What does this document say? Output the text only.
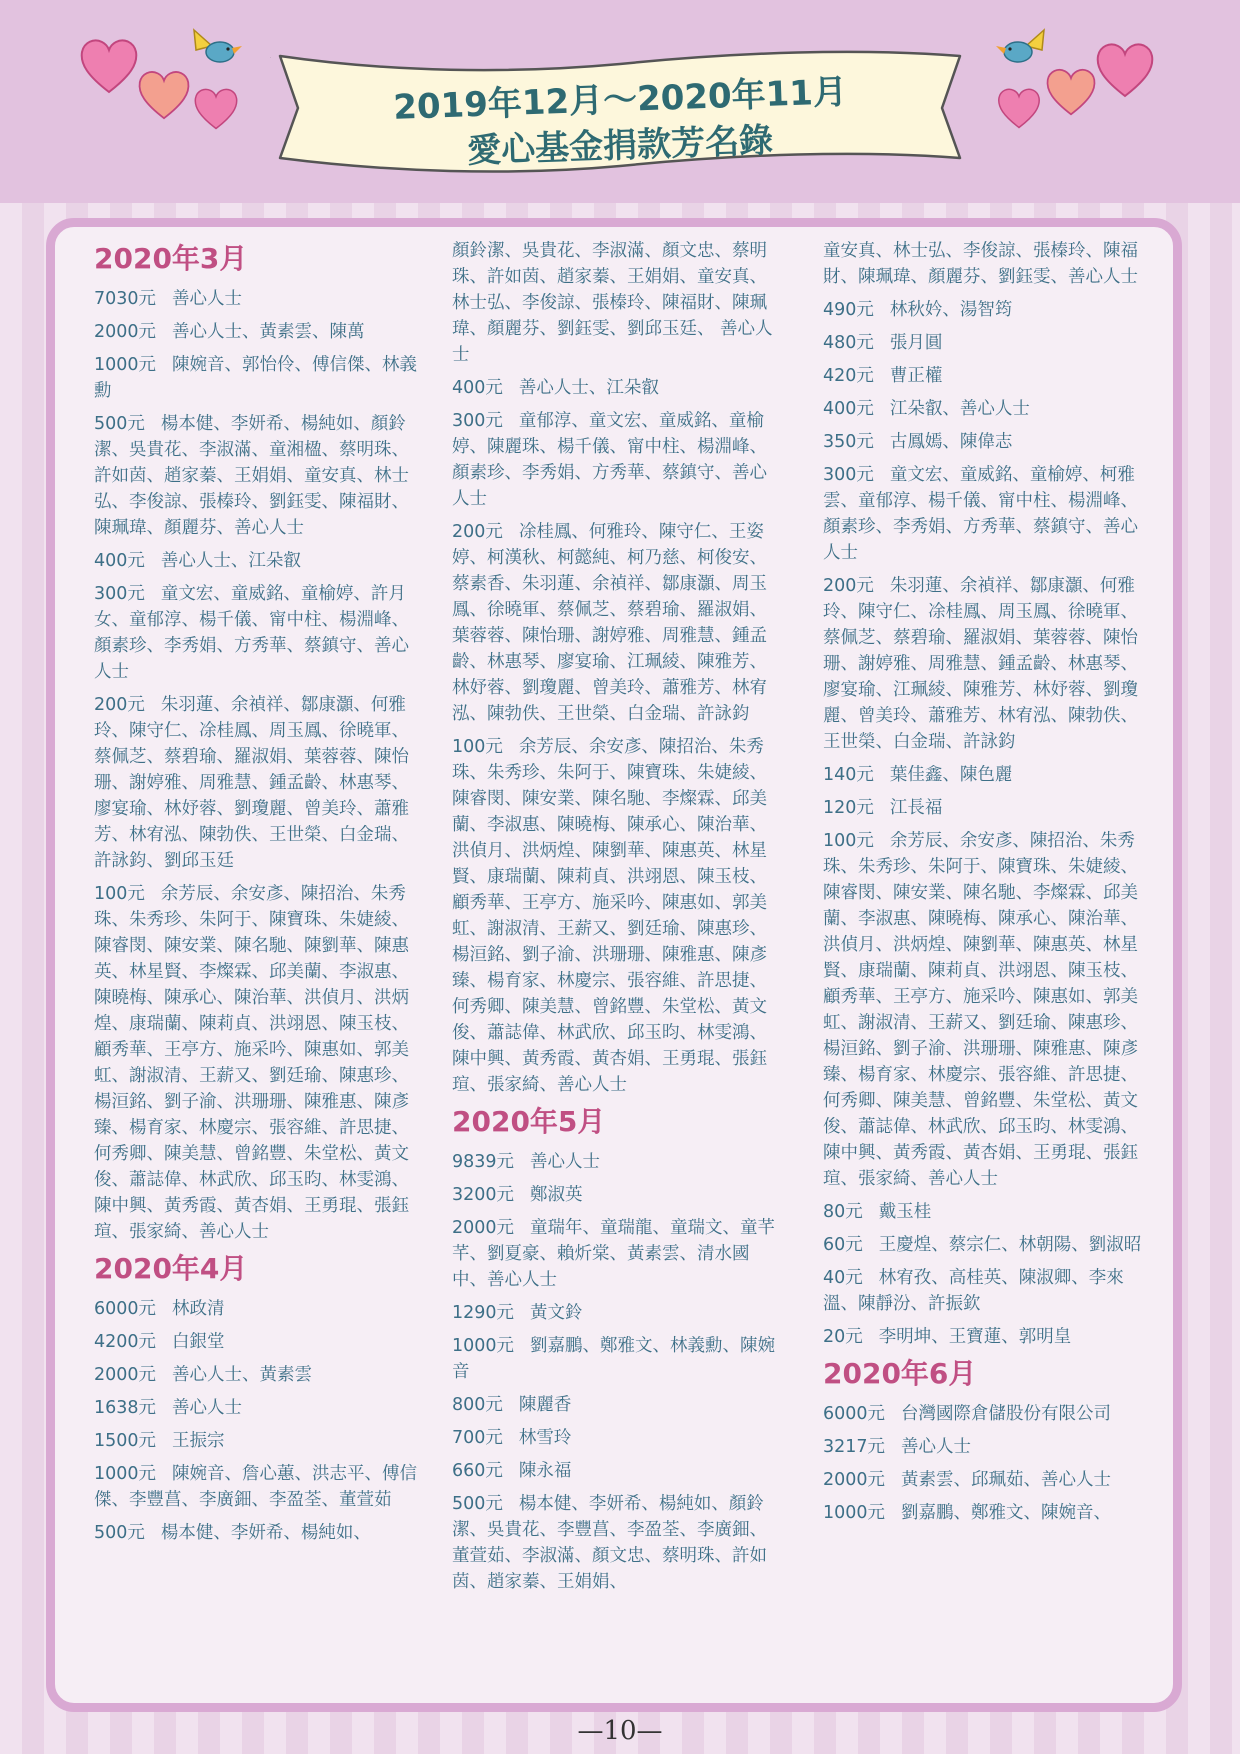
2019年12月～2020年11月
愛心基金捐款芳名錄
2020年3月
7030元 善心人士
2000元 善心人士、黃素雲、陳萬
1000元 陳婉音、郭怡伶、傅信傑、林義勳
500元 楊本健、李妍希、楊純如、顏鈴潔、吳貴花、李淑滿、童湘楹、蔡明珠、許如茵、趙家蓁、王娟娟、童安真、林士弘、李俊諒、張榛玲、劉鈺雯、陳福財、陳珮瑋、顏麗芬、善心人士
400元 善心人士、江朵叡
300元 童文宏、童威銘、童榆婷、許月女、童郁淳、楊千儀、甯中柱、楊淵峰、顏素珍、李秀娟、方秀華、蔡鎮守、善心人士
200元 朱羽蓮、余禎祥、鄒康灝、何雅玲、陳守仁、凃桂鳳、周玉鳳、徐曉軍、蔡佩芝、蔡碧瑜、羅淑娟、葉蓉蓉、陳怡珊、謝婷雅、周雅慧、鍾孟齡、林惠琴、廖宴瑜、林妤蓉、劉瓊麗、曾美玲、蕭雅芳、林宥泓、陳勃佚、王世榮、白金瑞、許詠鈞、劉邱玉廷
100元 余芳辰、余安彥、陳招治、朱秀珠、朱秀珍、朱阿于、陳寶珠、朱婕綾、陳睿閔、陳安業、陳名馳、陳劉華、陳惠英、林星賢、李燦霖、邱美蘭、李淑惠、陳曉梅、陳承心、陳治華、洪偵月、洪炳煌、康瑞蘭、陳莉貞、洪翊恩、陳玉枝、顧秀華、王亭方、施采吟、陳惠如、郭美虹、謝淑清、王薪又、劉廷瑜、陳惠珍、楊洹銘、劉子渝、洪珊珊、陳雅惠、陳彥臻、楊育家、林慶宗、張容維、許思捷、何秀卿、陳美慧、曾銘豐、朱堂松、黃文俊、蕭誌偉、林武欣、邱玉昀、林雯鴻、陳中興、黃秀霞、黃杏娟、王勇琨、張鈺瑄、張家綺、善心人士
2020年4月
6000元 林政清
4200元 白銀堂
2000元 善心人士、黃素雲
1638元 善心人士
1500元 王振宗
1000元 陳婉音、詹心蕙、洪志平、傅信傑、李豐菖、李廣鈿、李盈荃、董萱茹
500元 楊本健、李妍希、楊純如、
顏鈴潔、吳貴花、李淑滿、顏文忠、蔡明珠、許如茵、趙家蓁、王娟娟、童安真、林士弘、李俊諒、張榛玲、陳福財、陳珮瑋、顏麗芬、劉鈺雯、劉邱玉廷、 善心人士
400元 善心人士、江朵叡
300元 童郁淳、童文宏、童威銘、童榆婷、陳麗珠、楊千儀、甯中柱、楊淵峰、顏素珍、李秀娟、方秀華、蔡鎮守、善心人士
200元 凃桂鳳、何雅玲、陳守仁、王姿婷、柯漢秋、柯懿純、柯乃慈、柯俊安、蔡素香、朱羽蓮、余禎祥、鄒康灝、周玉鳳、徐曉軍、蔡佩芝、蔡碧瑜、羅淑娟、葉蓉蓉、陳怡珊、謝婷雅、周雅慧、鍾孟齡、林惠琴、廖宴瑜、江珮綾、陳雅芳、林妤蓉、劉瓊麗、曾美玲、蕭雅芳、林宥泓、陳勃佚、王世榮、白金瑞、許詠鈞
100元 余芳辰、余安彥、陳招治、朱秀珠、朱秀珍、朱阿于、陳寶珠、朱婕綾、陳睿閔、陳安業、陳名馳、李燦霖、邱美蘭、李淑惠、陳曉梅、陳承心、陳治華、洪偵月、洪炳煌、陳劉華、陳惠英、林星賢、康瑞蘭、陳莉貞、洪翊恩、陳玉枝、顧秀華、王亭方、施采吟、陳惠如、郭美虹、謝淑清、王薪又、劉廷瑜、陳惠珍、楊洹銘、劉子渝、洪珊珊、陳雅惠、陳彥臻、楊育家、林慶宗、張容維、許思捷、何秀卿、陳美慧、曾銘豐、朱堂松、黃文俊、蕭誌偉、林武欣、邱玉昀、林雯鴻、陳中興、黃秀霞、黃杏娟、王勇琨、張鈺瑄、張家綺、善心人士
2020年5月
9839元 善心人士
3200元 鄭淑英
2000元 童瑞年、童瑞龍、童瑞文、童芊芊、劉夏豪、賴炘棠、黃素雲、清水國中、善心人士
1290元 黃文鈴
1000元 劉嘉鵬、鄭雅文、林義勳、陳婉音
800元 陳麗香
700元 林雪玲
660元 陳永福
500元 楊本健、李妍希、楊純如、顏鈴潔、吳貴花、李豐菖、李盈荃、李廣鈿、董萱茹、李淑滿、顏文忠、蔡明珠、許如茵、趙家蓁、王娟娟、
童安真、林士弘、李俊諒、張榛玲、陳福財、陳珮瑋、顏麗芬、劉鈺雯、善心人士
490元 林秋妗、湯智筠
480元 張月圓
420元 曹正權
400元 江朵叡、善心人士
350元 古鳳嫣、陳偉志
300元 童文宏、童威銘、童榆婷、柯雅雲、童郁淳、楊千儀、甯中柱、楊淵峰、顏素珍、李秀娟、方秀華、蔡鎮守、善心人士
200元 朱羽蓮、余禎祥、鄒康灝、何雅玲、陳守仁、凃桂鳳、周玉鳳、徐曉軍、蔡佩芝、蔡碧瑜、羅淑娟、葉蓉蓉、陳怡珊、謝婷雅、周雅慧、鍾孟齡、林惠琴、廖宴瑜、江珮綾、陳雅芳、林妤蓉、劉瓊麗、曾美玲、蕭雅芳、林宥泓、陳勃佚、王世榮、白金瑞、許詠鈞
140元 葉佳鑫、陳色麗
120元 江長福
100元 余芳辰、余安彥、陳招治、朱秀珠、朱秀珍、朱阿于、陳寶珠、朱婕綾、陳睿閔、陳安業、陳名馳、李燦霖、邱美蘭、李淑惠、陳曉梅、陳承心、陳治華、洪偵月、洪炳煌、陳劉華、陳惠英、林星賢、康瑞蘭、陳莉貞、洪翊恩、陳玉枝、顧秀華、王亭方、施采吟、陳惠如、郭美虹、謝淑清、王薪又、劉廷瑜、陳惠珍、楊洹銘、劉子渝、洪珊珊、陳雅惠、陳彥臻、楊育家、林慶宗、張容維、許思捷、何秀卿、陳美慧、曾銘豐、朱堂松、黃文俊、蕭誌偉、林武欣、邱玉昀、林雯鴻、陳中興、黃秀霞、黃杏娟、王勇琨、張鈺瑄、張家綺、善心人士
80元 戴玉桂
60元 王慶煌、蔡宗仁、林朝陽、劉淑昭
40元 林宥孜、高桂英、陳淑卿、李來溫、陳靜汾、許振欽
20元 李明坤、王寶蓮、郭明皇
2020年6月
6000元 台灣國際倉儲股份有限公司
3217元 善心人士
2000元 黃素雲、邱珮茹、善心人士
1000元 劉嘉鵬、鄭雅文、陳婉音、
—10—
